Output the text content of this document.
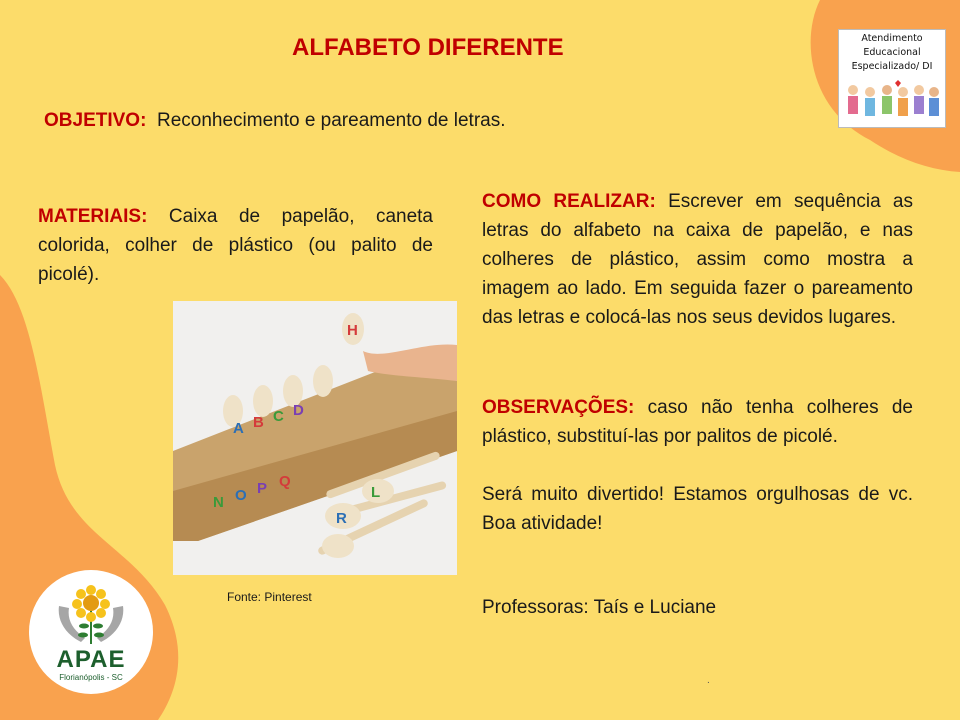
ALFABETO DIFERENTE
OBJETIVO: Reconhecimento e pareamento de letras.
MATERIAIS: Caixa de papelão, caneta colorida, colher de plástico (ou palito de picolé).
A B C D
H
N O P Q
R
L
Fonte: Pinterest
COMO REALIZAR: Escrever em sequência as letras do alfabeto na caixa de papelão, e nas colheres de plástico, assim como mostra a imagem ao lado. Em seguida fazer o pareamento das letras e colocá-las nos seus devidos lugares.
OBSERVAÇÕES: caso não tenha colheres de plástico, substituí-las por palitos de picolé.
Será muito divertido! Estamos orgulhosas de vc. Boa atividade!
Professoras: Taís e Luciane
Atendimento
Educacional
Especializado/ DI
APAE
Florianópolis - SC	.
